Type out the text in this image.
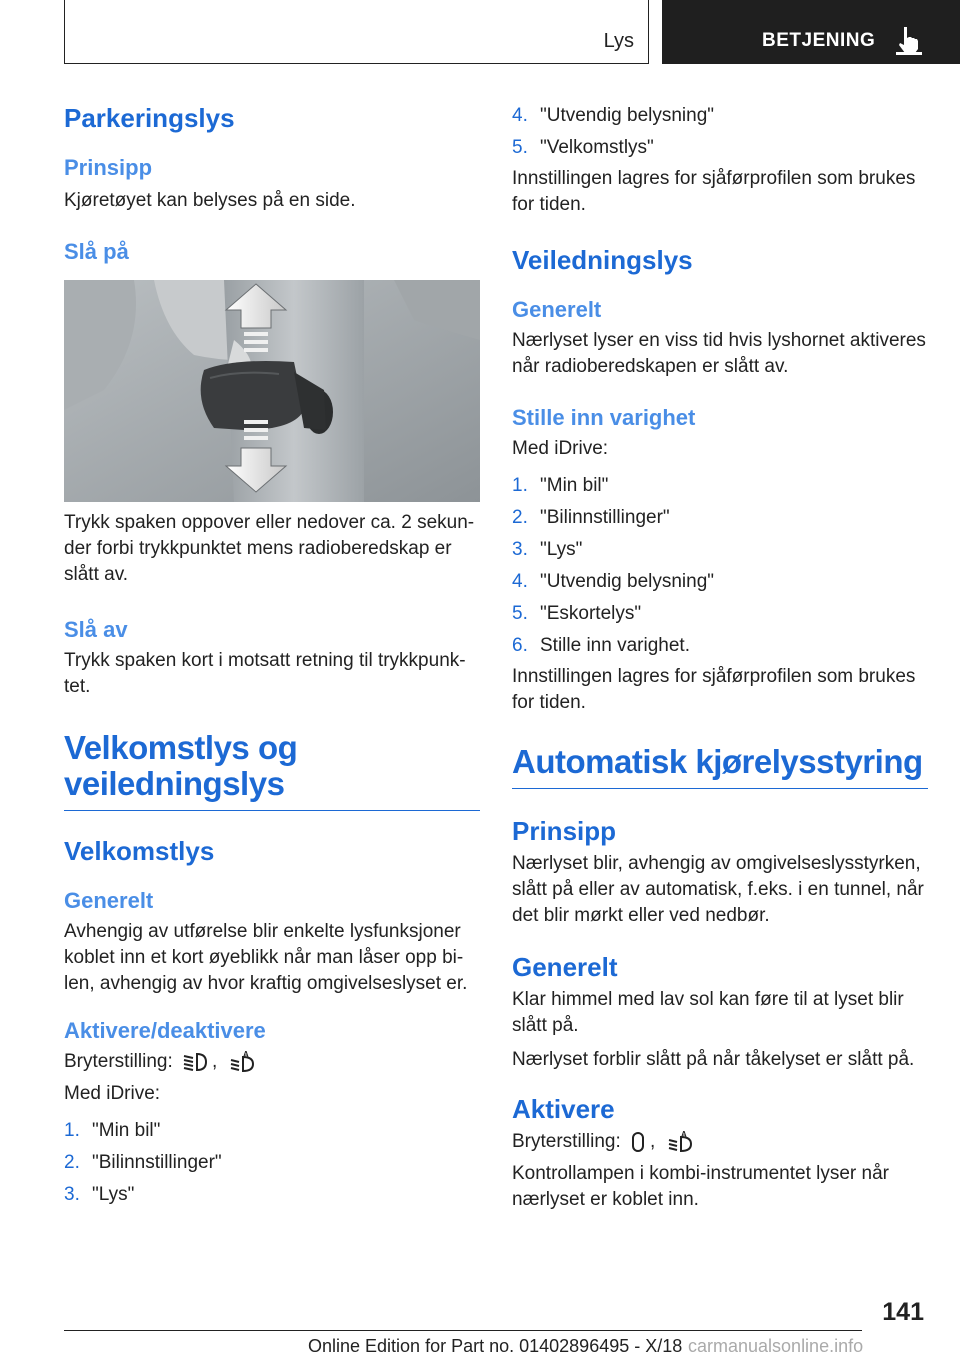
Lys	BETJENING
Parkeringslys
Prinsipp

Kjøretøyet kan belyses på en side.

Slå på

Trykk spaken oppover eller nedover ca. 2 sekun-der forbi trykkpunktet mens radioberedskap er slått av.

Slå av

Trykk spaken kort i motsatt retning til trykkpunk-tet.

Velkomstlys og veiledningslys
Velkomstlys
Generelt

Avhengig av utførelse blir enkelte lysfunksjoner koblet inn et kort øyeblikk når man låser opp bi-len, avhengig av hvor kraftig omgivelseslyset er.

Aktivere/deaktivere

Bryterstilling: ,	A

Med iDrive:

1. "Min bil"
2. "Bilinnstillinger"
3. "Lys"
4. "Utvendig belysning"
5. "Velkomstlys"

Innstillingen lagres for sjåførprofilen som brukes for tiden.

Veiledningslys
Generelt

Nærlyset lyser en viss tid hvis lyshornet aktiveres når radioberedskapen er slått av.

Stille inn varighet

Med iDrive:

1. "Min bil"
2. "Bilinnstillinger"
3. "Lys"
4. "Utvendig belysning"
5. "Eskortelys"
6. Stille inn varighet.

Innstillingen lagres for sjåførprofilen som brukes for tiden.

Automatisk kjørelysstyring
Prinsipp

Nærlyset blir, avhengig av omgivelseslysstyrken, slått på eller av automatisk, f.eks. i en tunnel, når det blir mørkt eller ved nedbør.

Generelt

Klar himmel med lav sol kan føre til at lyset blir slått på.

Nærlyset forblir slått på når tåkelyset er slått på.

Aktivere

Bryterstilling: ,	A

Kontrollampen i kombi-instrumentet lyser når nærlyset er koblet inn.

141
Online Edition for Part no. 01402896495 - X/18 carmanualsonline.info
